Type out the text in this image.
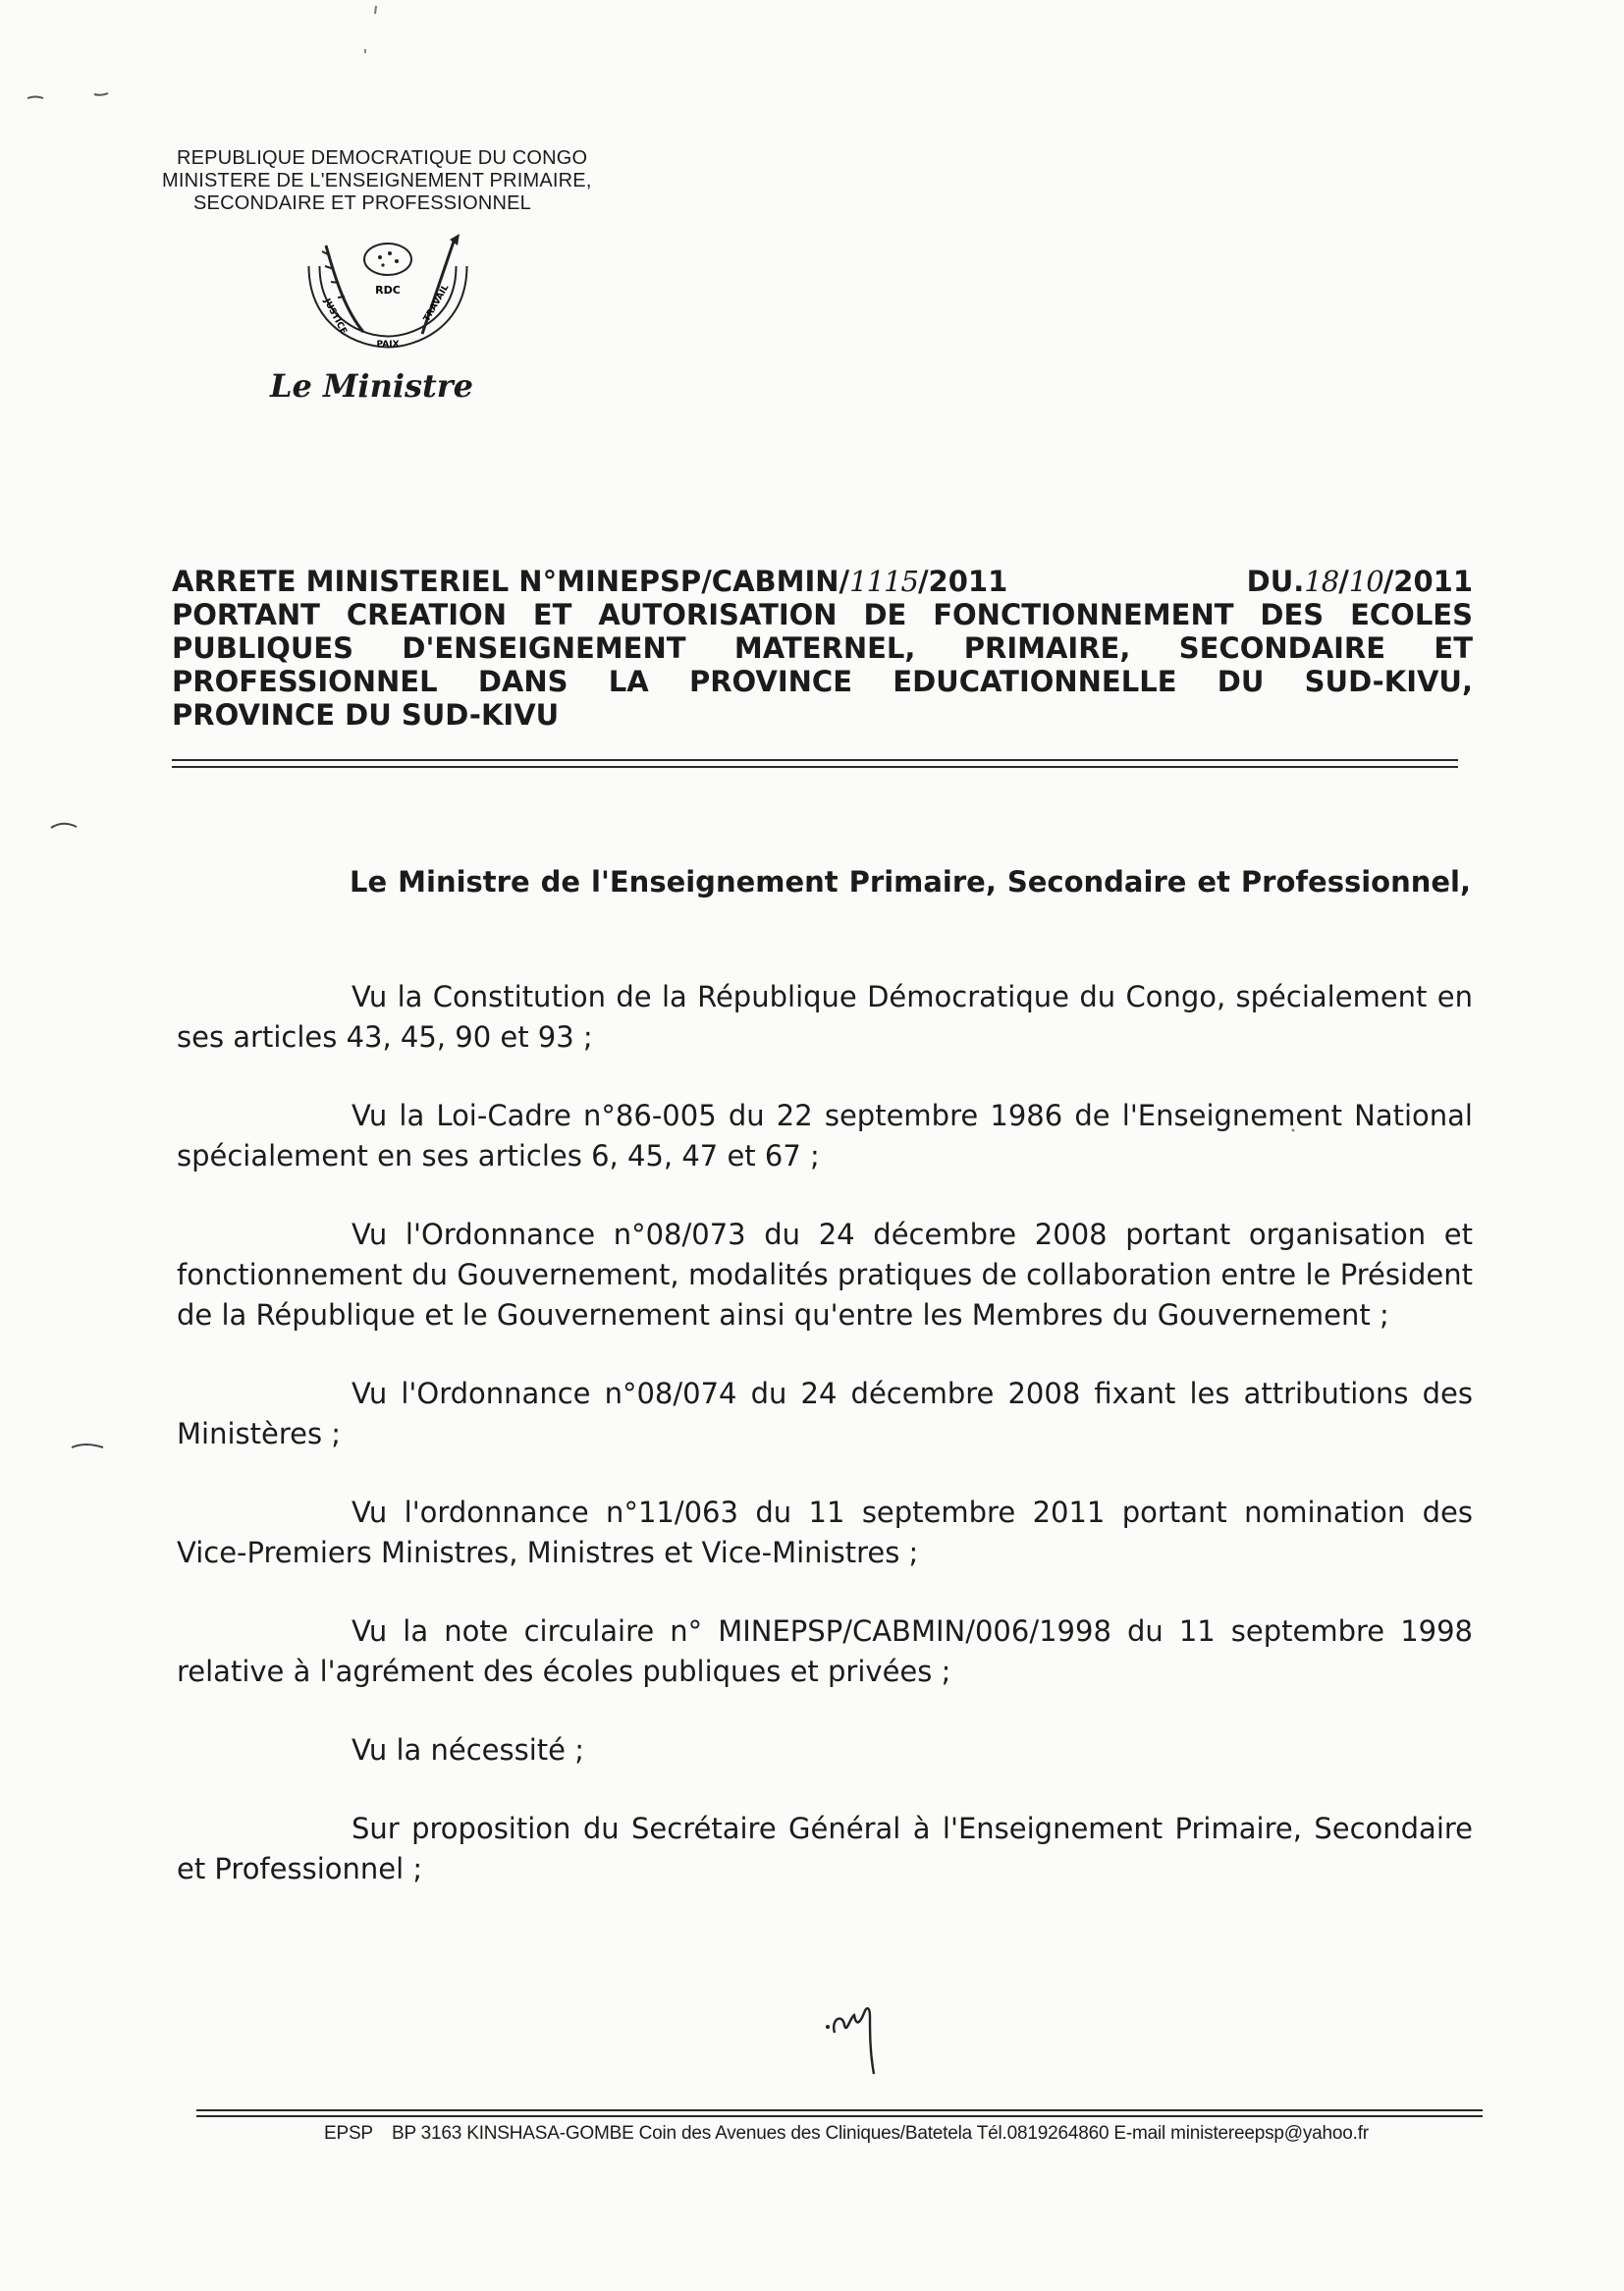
REPUBLIQUE DEMOCRATIQUE DU CONGO
MINISTERE DE L'ENSEIGNEMENT PRIMAIRE,
SECONDAIRE ET PROFESSIONNEL
RDC
JUSTICE
PAIX
TRAVAIL
Le Ministre
ARRETE MINISTERIEL N°MINEPSP/CABMIN/1115/2011	DU.18/10/2011
PORTANT CREATION ET AUTORISATION DE FONCTIONNEMENT DES ECOLES
PUBLIQUES D'ENSEIGNEMENT MATERNEL, PRIMAIRE, SECONDAIRE ET
PROFESSIONNEL DANS LA PROVINCE EDUCATIONNELLE DU SUD-KIVU,
PROVINCE DU SUD-KIVU
Le Ministre de l'Enseignement Primaire, Secondaire et Professionnel,

Vu la Constitution de la République Démocratique du Congo, spécialement en ses articles 43, 45, 90 et 93 ;

Vu la Loi-Cadre n°86-005 du 22 septembre 1986 de l'Enseignement National spécialement en ses articles 6, 45, 47 et 67 ;

Vu l'Ordonnance n°08/073 du 24 décembre 2008 portant organisation et fonctionnement du Gouvernement, modalités pratiques de collaboration entre le Président de la République et le Gouvernement ainsi qu'entre les Membres du Gouvernement ;

Vu l'Ordonnance n°08/074 du 24 décembre 2008 fixant les attributions des Ministères ;

Vu l'ordonnance n°11/063 du 11 septembre 2011 portant nomination des Vice-Premiers Ministres, Ministres et Vice-Ministres ;

Vu la note circulaire n° MINEPSP/CABMIN/006/1998 du 11 septembre 1998 relative à l'agrément des écoles publiques et privées ;

Vu la nécessité ;

Sur proposition du Secrétaire Général à l'Enseignement Primaire, Secondaire et Professionnel ;

EPSP BP 3163 KINSHASA-GOMBE Coin des Avenues des Cliniques/Batetela Tél.0819264860 E-mail ministereepsp@yahoo.fr
